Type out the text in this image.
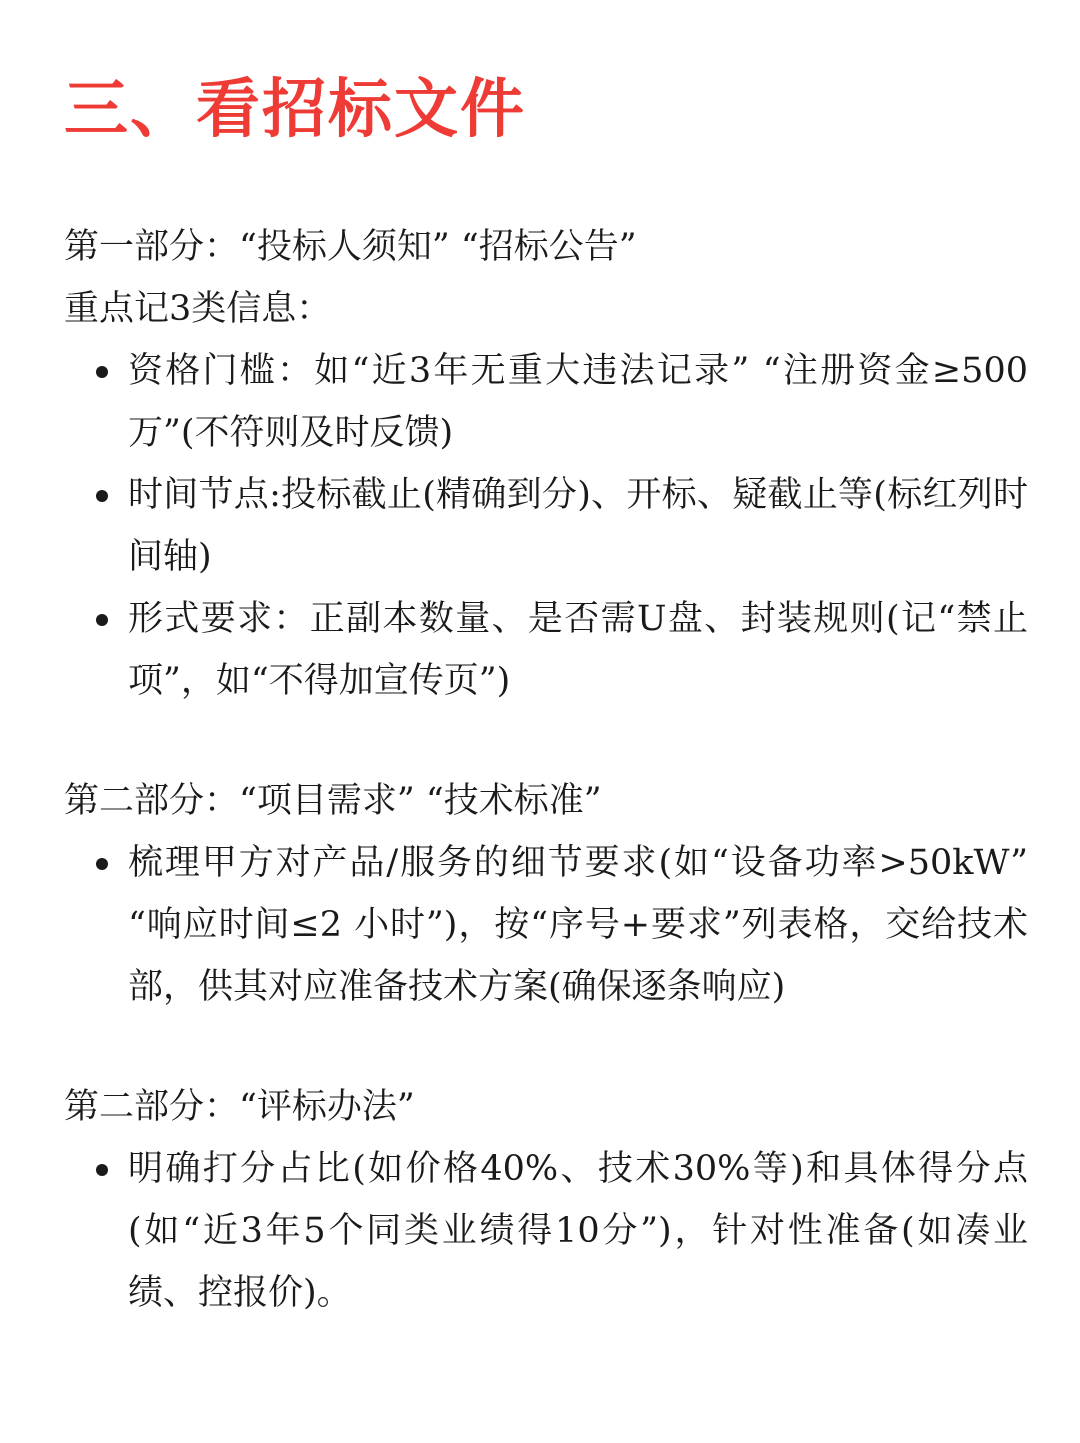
三、看招标文件

第一部分：“投标人须知” “招标公告”

重点记3类信息：

资格门槛：如“近3年无重大违法记录” “注册资金≥500万”(不符则及时反馈)
时间节点:投标截止(精确到分)、开标、疑截止等(标红列时间轴)
形式要求：正副本数量、是否需U盘、封装规则(记“禁止项”，如“不得加宣传页”)

第二部分：“项目需求” “技术标准”

梳理甲方对产品/服务的细节要求(如“设备功率>50kW” “响应时间≤2 小时”)，按“序号+要求”列表格，交给技术部，供其对应准备技术方案(确保逐条响应)

第二部分：“评标办法”

明确打分占比(如价格40%、技术30%等)和具体得分点(如“近3年5个同类业绩得10分”)，针对性准备(如凑业绩、控报价)。
